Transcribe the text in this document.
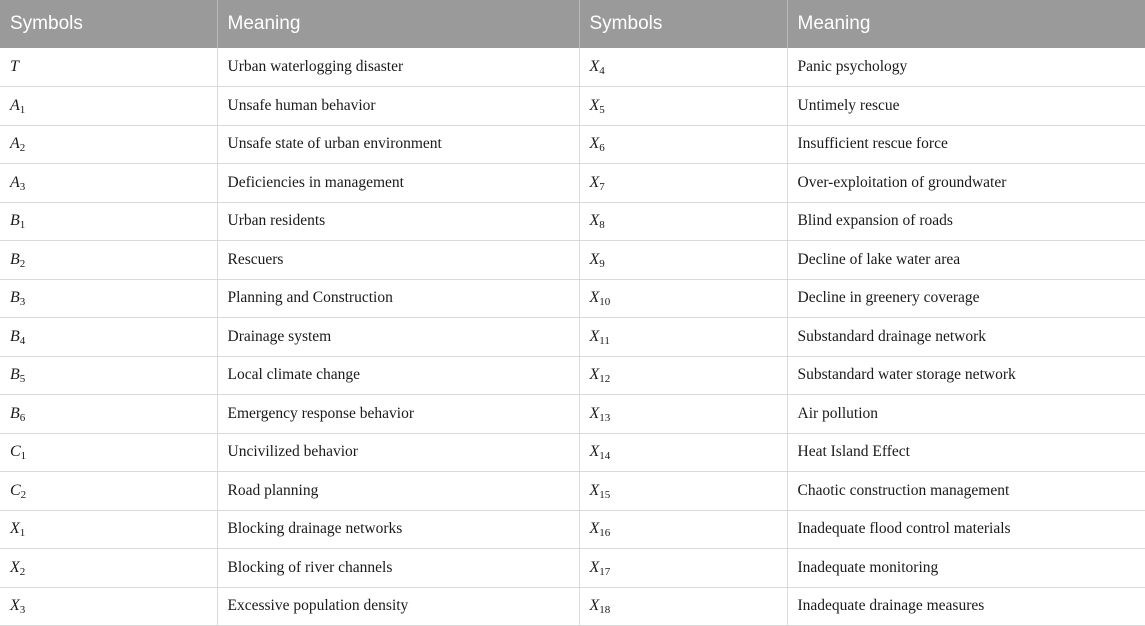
Symbols	Meaning	Symbols	Meaning
T	Urban waterlogging disaster	$X_4$	Panic psychology
$A_1$	Unsafe human behavior	$X_5$	Untimely rescue
$A_2$	Unsafe state of urban environment	$X_6$	Insufficient rescue force
$A_3$	Deficiencies in management	$X_7$	Over-exploitation of groundwater
$B_1$	Urban residents	$X_8$	Blind expansion of roads
$B_2$	Rescuers	$X_9$	Decline of lake water area
$B_3$	Planning and Construction	$X_{10}$	Decline in greenery coverage
$B_4$	Drainage system	$X_{11}$	Substandard drainage network
$B_5$	Local climate change	$X_{12}$	Substandard water storage network
$B_6$	Emergency response behavior	$X_{13}$	Air pollution
$C_1$	Uncivilized behavior	$X_{14}$	Heat Island Effect
$C_2$	Road planning	$X_{15}$	Chaotic construction management
$X_1$	Blocking drainage networks	$X_{16}$	Inadequate flood control materials
$X_2$	Blocking of river channels	$X_{17}$	Inadequate monitoring
$X_3$	Excessive population density	$X_{18}$	Inadequate drainage measures
